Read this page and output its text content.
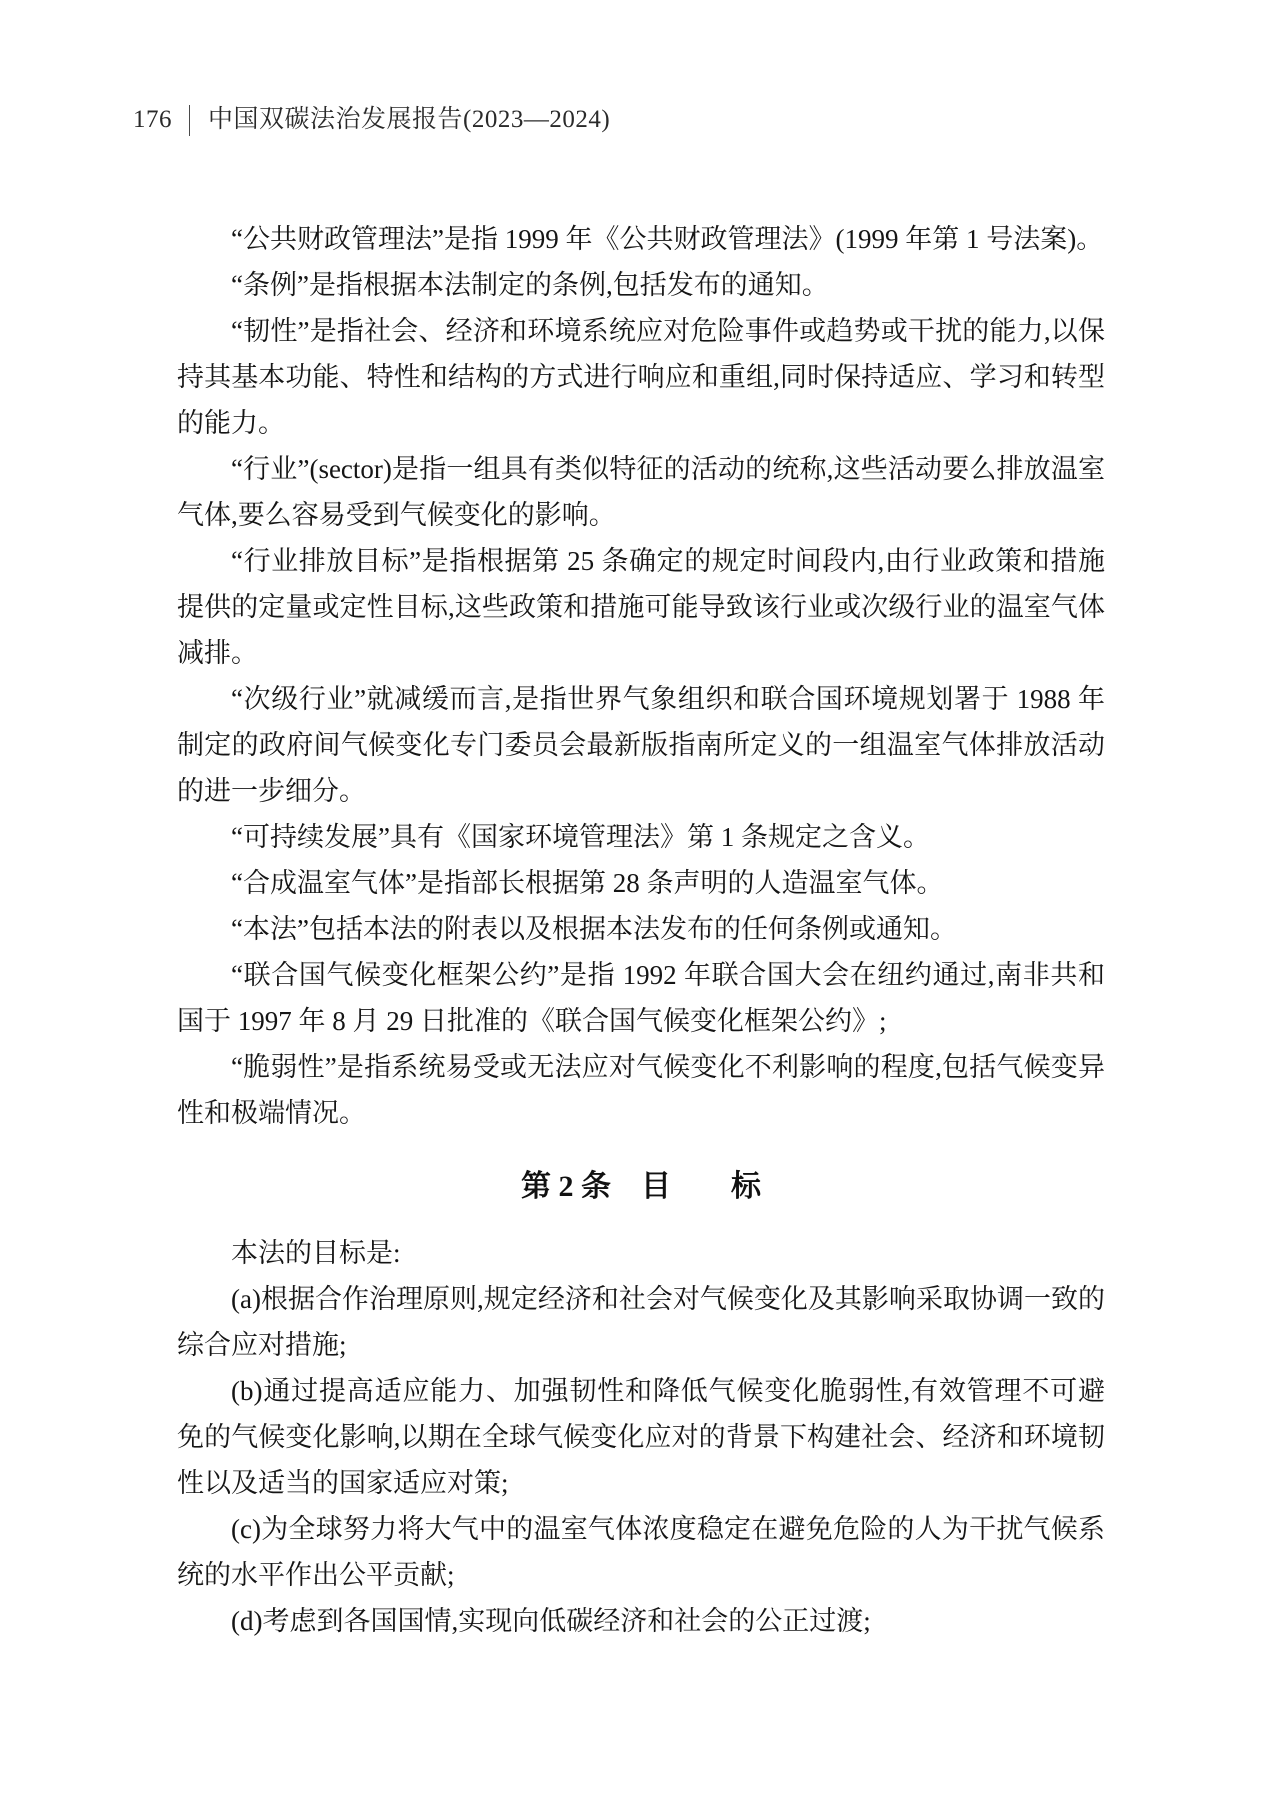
176 中国双碳法治发展报告(2023—2024)

“公共财政管理法”是指 1999 年《公共财政管理法》(1999 年第 1 号法案)。

“条例”是指根据本法制定的条例,包括发布的通知。

“韧性”是指社会、经济和环境系统应对危险事件或趋势或干扰的能力,以保持其基本功能、特性和结构的方式进行响应和重组,同时保持适应、学习和转型的能力。

“行业”(sector)是指一组具有类似特征的活动的统称,这些活动要么排放温室气体,要么容易受到气候变化的影响。

“行业排放目标”是指根据第 25 条确定的规定时间段内,由行业政策和措施提供的定量或定性目标,这些政策和措施可能导致该行业或次级行业的温室气体减排。

“次级行业”就减缓而言,是指世界气象组织和联合国环境规划署于 1988 年制定的政府间气候变化专门委员会最新版指南所定义的一组温室气体排放活动的进一步细分。

“可持续发展”具有《国家环境管理法》第 1 条规定之含义。

“合成温室气体”是指部长根据第 28 条声明的人造温室气体。

“本法”包括本法的附表以及根据本法发布的任何条例或通知。

“联合国气候变化框架公约”是指 1992 年联合国大会在纽约通过,南非共和国于 1997 年 8 月 29 日批准的《联合国气候变化框架公约》;

“脆弱性”是指系统易受或无法应对气候变化不利影响的程度,包括气候变异性和极端情况。

第 2 条　目　　标

本法的目标是:

(a)根据合作治理原则,规定经济和社会对气候变化及其影响采取协调一致的综合应对措施;

(b)通过提高适应能力、加强韧性和降低气候变化脆弱性,有效管理不可避免的气候变化影响,以期在全球气候变化应对的背景下构建社会、经济和环境韧性以及适当的国家适应对策;

(c)为全球努力将大气中的温室气体浓度稳定在避免危险的人为干扰气候系统的水平作出公平贡献;

(d)考虑到各国国情,实现向低碳经济和社会的公正过渡;
